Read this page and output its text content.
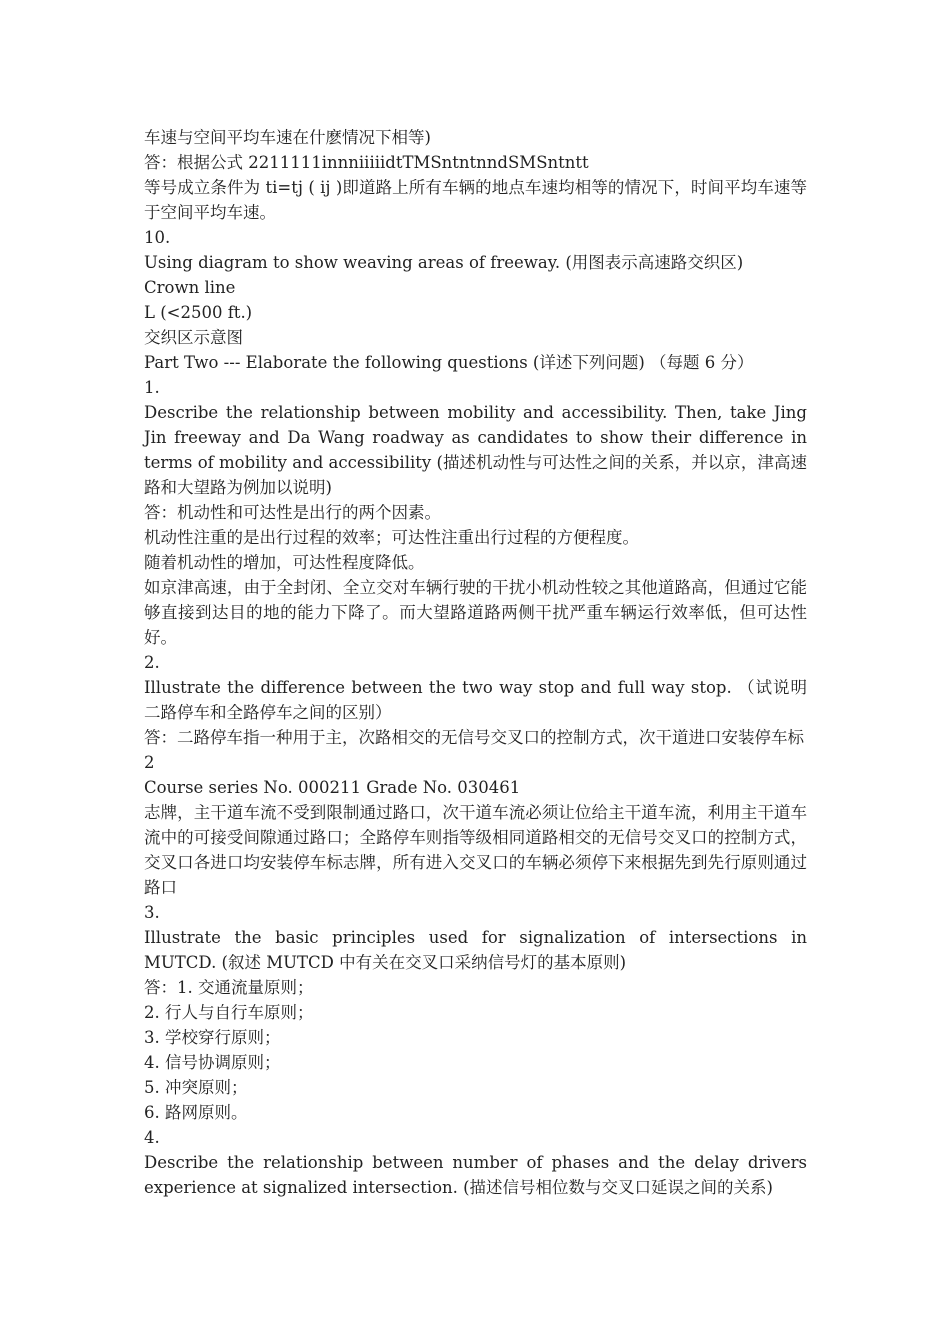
车速与空间平均车速在什麽情况下相等)

答：根据公式 2211111innniiiiidtTMSntntnndSMSntntt

等号成立条件为 ti=tj ( ij )即道路上所有车辆的地点车速均相等的情况下，时间平均车速等于空间平均车速。

10.

Using diagram to show weaving areas of freeway. (用图表示高速路交织区)

Crown line

L (<2500 ft.)

交织区示意图

Part Two --- Elaborate the following questions (详述下列问题) （每题 6 分）

1.

Describe the relationship between mobility and accessibility. Then, take Jing Jin freeway and Da Wang roadway as candidates to show their difference in terms of mobility and accessibility (描述机动性与可达性之间的关系，并以京，津高速路和大望路为例加以说明)

答：机动性和可达性是出行的两个因素。

机动性注重的是出行过程的效率；可达性注重出行过程的方便程度。

随着机动性的增加，可达性程度降低。

如京津高速，由于全封闭、全立交对车辆行驶的干扰小机动性较之其他道路高，但通过它能够直接到达目的地的能力下降了。而大望路道路两侧干扰严重车辆运行效率低，但可达性好。

2.

Illustrate the difference between the two way stop and full way stop. （试说明二路停车和全路停车之间的区别）

答：二路停车指一种用于主，次路相交的无信号交叉口的控制方式，次干道进口安装停车标

2

Course series No. 000211 Grade No. 030461

志牌，主干道车流不受到限制通过路口，次干道车流必须让位给主干道车流，利用主干道车流中的可接受间隙通过路口；全路停车则指等级相同道路相交的无信号交叉口的控制方式，交叉口各进口均安装停车标志牌，所有进入交叉口的车辆必须停下来根据先到先行原则通过路口

3.

Illustrate the basic principles used for signalization of intersections in MUTCD. (叙述 MUTCD 中有关在交叉口采纳信号灯的基本原则)

答：1. 交通流量原则；

2. 行人与自行车原则；

3. 学校穿行原则；

4. 信号协调原则；

5. 冲突原则；

6. 路网原则。

4.

Describe the relationship between number of phases and the delay drivers experience at signalized intersection. (描述信号相位数与交叉口延误之间的关系)
